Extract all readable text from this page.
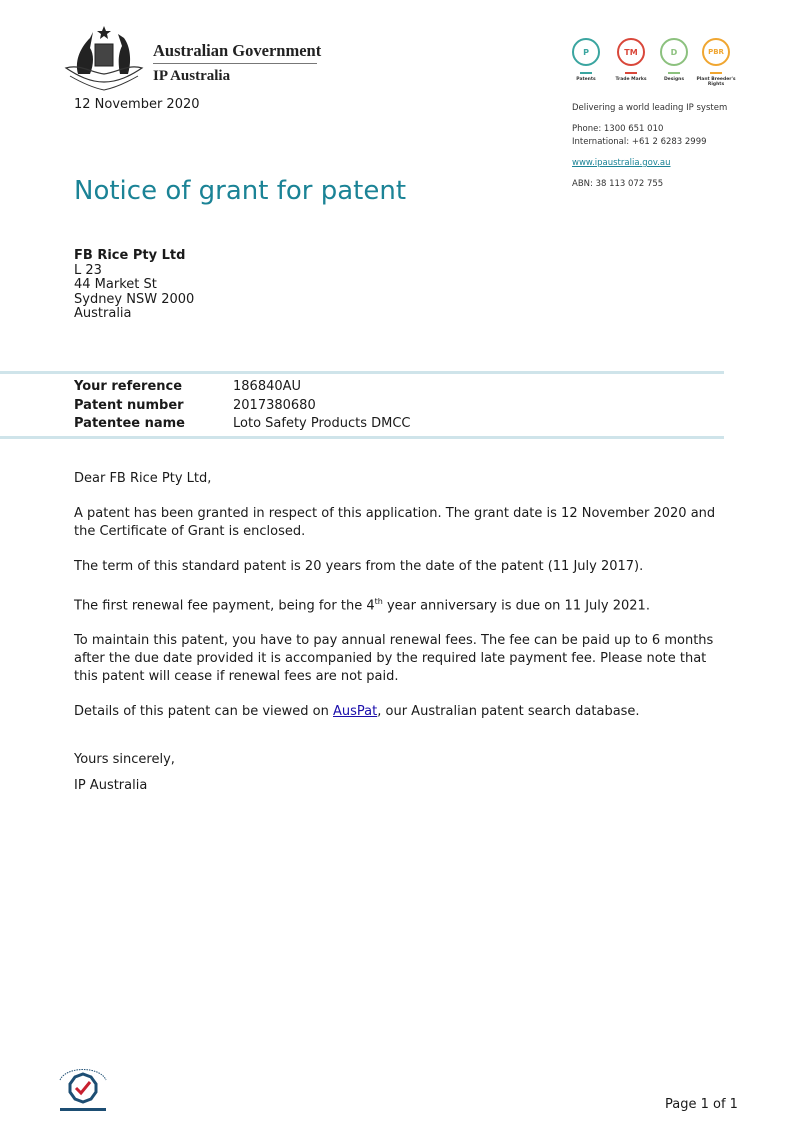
Australian Government
IP Australia
12 November 2020
P
Patents
TM
Trade Marks
D
Designs
PBR
Plant Breeder's Rights
Delivering a world leading IP system
Phone: 1300 651 010
International: +61 2 6283 2999
www.ipaustralia.gov.au
ABN: 38 113 072 755
Notice of grant for patent
FB Rice Pty Ltd
L 23
44 Market St
Sydney NSW 2000
Australia
Your reference	186840AU
Patent number	2017380680
Patentee name	Loto Safety Products DMCC

Dear FB Rice Pty Ltd,

A patent has been granted in respect of this application. The grant date is 12 November 2020 and the Certificate of Grant is enclosed.

The term of this standard patent is 20 years from the date of the patent (11 July 2017).

The first renewal fee payment, being for the 4th year anniversary is due on 11 July 2021.

To maintain this patent, you have to pay annual renewal fees. The fee can be paid up to 6 months after the due date provided it is accompanied by the required late payment fee. Please note that this patent will cease if renewal fees are not paid.

Details of this patent can be viewed on AusPat, our Australian patent search database.

Yours sincerely,

IP Australia

Page 1 of 1
